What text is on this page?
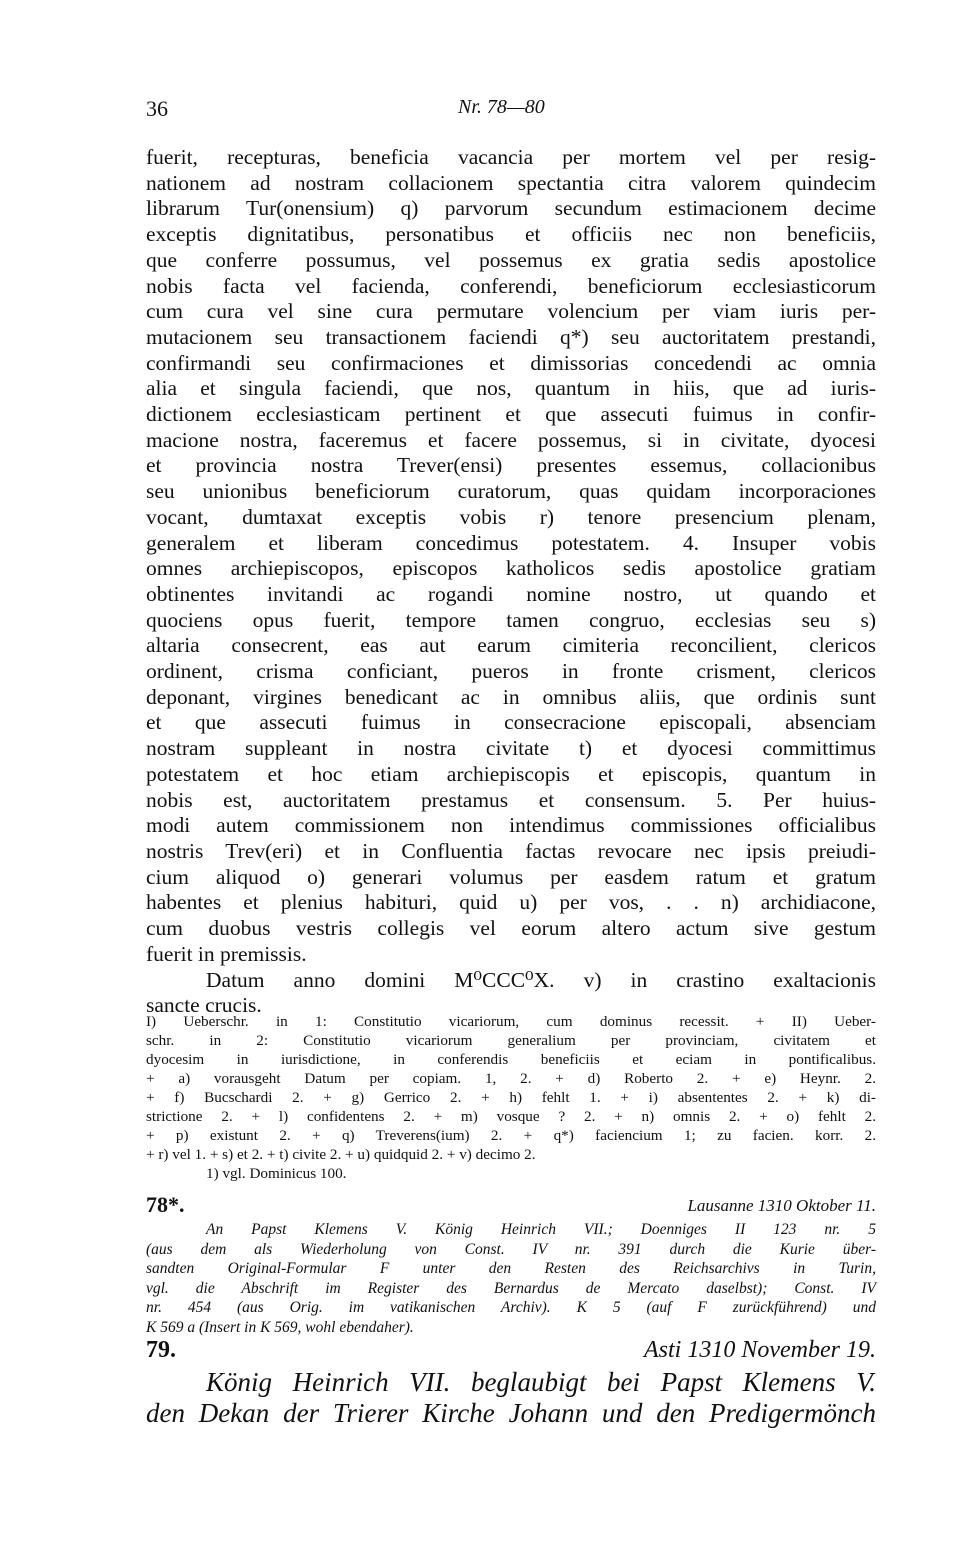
36	Nr. 78—80
fuerit, recepturas, beneficia vacancia per mortem vel per resig-
nationem ad nostram collacionem spectantia citra valorem quindecim
librarum Tur(onensium) q) parvorum secundum estimacionem decime
exceptis dignitatibus, personatibus et officiis nec non beneficiis,
que conferre possumus, vel possemus ex gratia sedis apostolice
nobis facta vel facienda, conferendi, beneficiorum ecclesiasticorum
cum cura vel sine cura permutare volencium per viam iuris per-
mutacionem seu transactionem faciendi q*) seu auctoritatem prestandi,
confirmandi seu confirmaciones et dimissorias concedendi ac omnia
alia et singula faciendi, que nos, quantum in hiis, que ad iuris-
dictionem ecclesiasticam pertinent et que assecuti fuimus in confir-
macione nostra, faceremus et facere possemus, si in civitate, dyocesi
et provincia nostra Trever(ensi) presentes essemus, collacionibus
seu unionibus beneficiorum curatorum, quas quidam incorporaciones
vocant, dumtaxat exceptis vobis r) tenore presencium plenam,
generalem et liberam concedimus potestatem. 4. Insuper vobis
omnes archiepiscopos, episcopos katholicos sedis apostolice gratiam
obtinentes invitandi ac rogandi nomine nostro, ut quando et
quociens opus fuerit, tempore tamen congruo, ecclesias seu s)
altaria consecrent, eas aut earum cimiteria reconcilient, clericos
ordinent, crisma conficiant, pueros in fronte crisment, clericos
deponant, virgines benedicant ac in omnibus aliis, que ordinis sunt
et que assecuti fuimus in consecracione episcopali, absenciam
nostram suppleant in nostra civitate t) et dyocesi committimus
potestatem et hoc etiam archiepiscopis et episcopis, quantum in
nobis est, auctoritatem prestamus et consensum. 5. Per huius-
modi autem commissionem non intendimus commissiones officialibus
nostris Trev(eri) et in Confluentia factas revocare nec ipsis preiudi-
cium aliquod o) generari volumus per easdem ratum et gratum
habentes et plenius habituri, quid u) per vos, . . n) archidiacone,
cum duobus vestris collegis vel eorum altero actum sive gestum
fuerit in premissis.
Datum anno domini M⁰CCC⁰X. v) in crastino exaltacionis
sancte crucis.
I) Ueberschr. in 1: Constitutio vicariorum, cum dominus recessit. + II) Ueber-
schr. in 2: Constitutio vicariorum generalium per provinciam, civitatem et
dyocesim in iurisdictione, in conferendis beneficiis et eciam in pontificalibus.
+ a) vorausgeht Datum per copiam. 1, 2. + d) Roberto 2. + e) Heynr. 2.
+ f) Bucschardi 2. + g) Gerrico 2. + h) fehlt 1. + i) absententes 2. + k) di-
strictione 2. + l) confidentens 2. + m) vosque ? 2. + n) omnis 2. + o) fehlt 2.
+ p) existunt 2. + q) Treverens(ium) 2. + q*) faciencium 1; zu facien. korr. 2.
+ r) vel 1. + s) et 2. + t) civite 2. + u) quidquid 2. + v) decimo 2.
1) vgl. Dominicus 100.
78*.	Lausanne 1310 Oktober 11.
An Papst Klemens V. König Heinrich VII.; Doenniges II 123 nr. 5
(aus dem als Wiederholung von Const. IV nr. 391 durch die Kurie über-
sandten Original-Formular F unter den Resten des Reichsarchivs in Turin,
vgl. die Abschrift im Register des Bernardus de Mercato daselbst); Const. IV
nr. 454 (aus Orig. im vatikanischen Archiv). K 5 (auf F zurückführend) und
K 569 a (Insert in K 569, wohl ebendaher).
79.	Asti 1310 November 19.
König Heinrich VII. beglaubigt bei Papst Klemens V.
den Dekan der Trierer Kirche Johann und den Predigermönch
